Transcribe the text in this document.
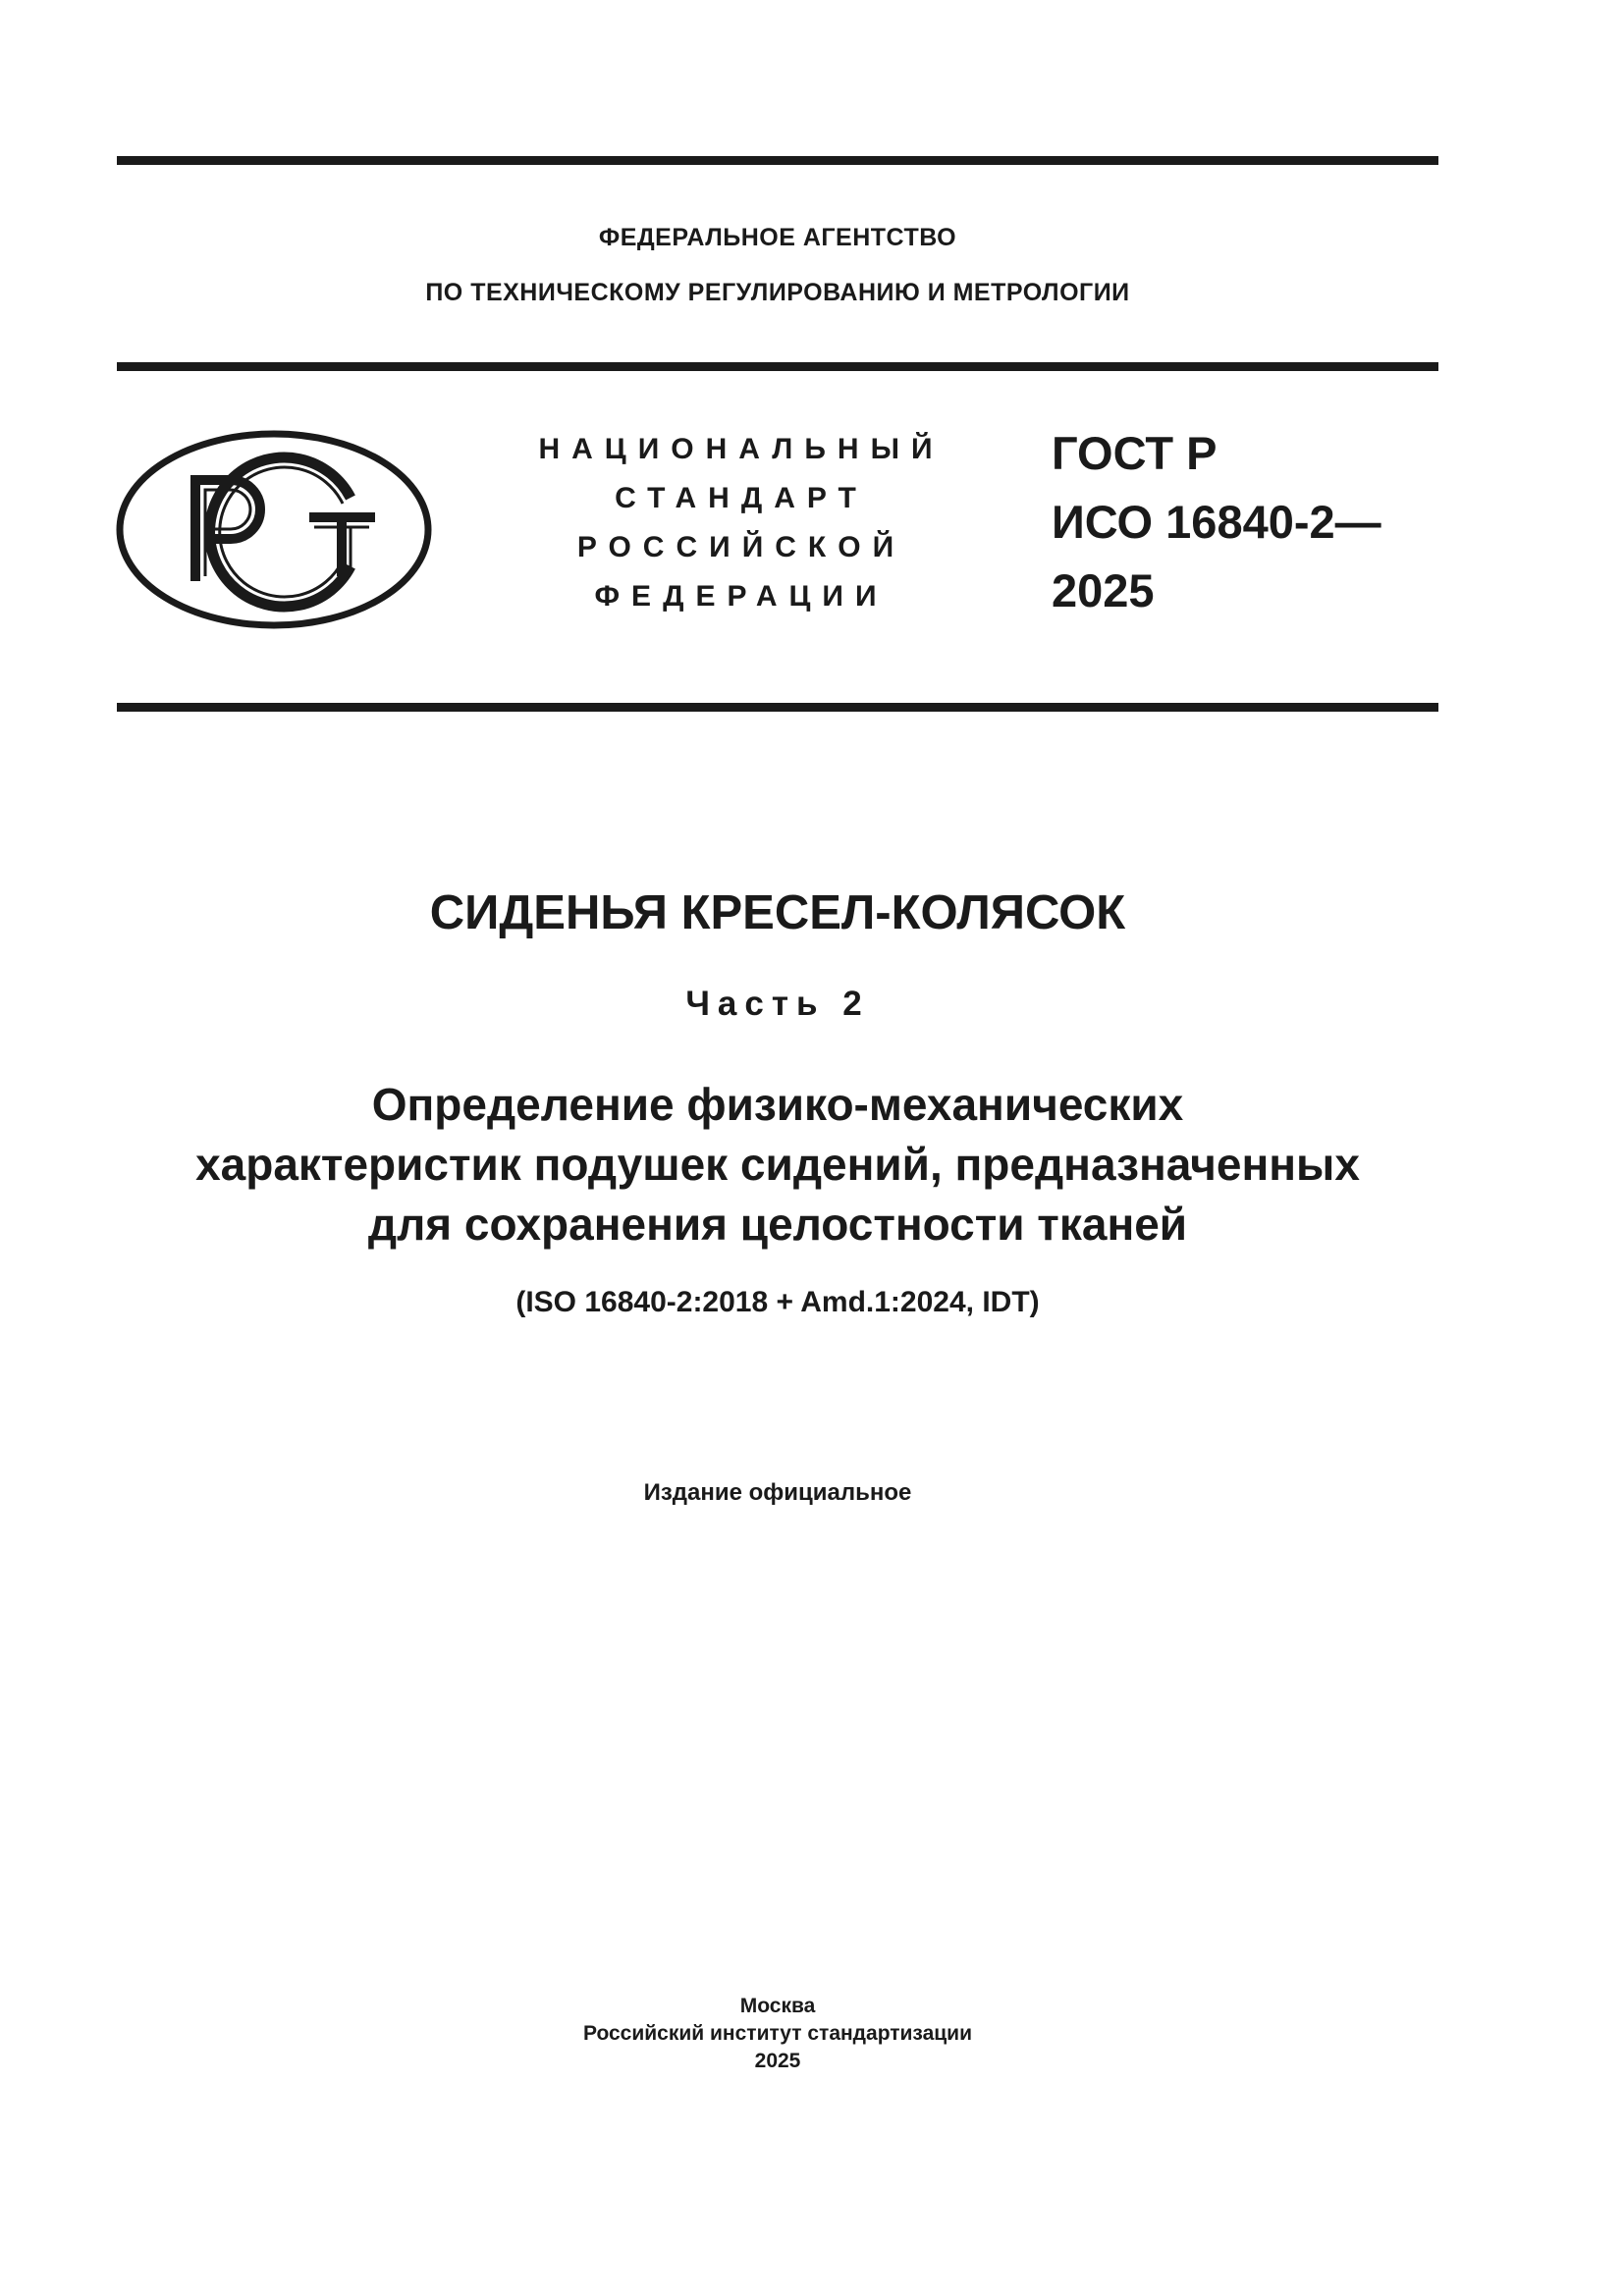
ФЕДЕРАЛЬНОЕ АГЕНТСТВО
ПО ТЕХНИЧЕСКОМУ РЕГУЛИРОВАНИЮ И МЕТРОЛОГИИ
НАЦИОНАЛЬНЫЙ
СТАНДАРТ
РОССИЙСКОЙ
ФЕДЕРАЦИИ
ГОСТ Р
ИСО 16840-2—
2025
СИДЕНЬЯ КРЕСЕЛ-КОЛЯСОК
Часть 2
Определение физико-механических
характеристик подушек сидений, предназначенных
для сохранения целостности тканей
(ISO 16840-2:2018 + Amd.1:2024, IDT)
Издание официальное
Москва
Российский институт стандартизации
2025
